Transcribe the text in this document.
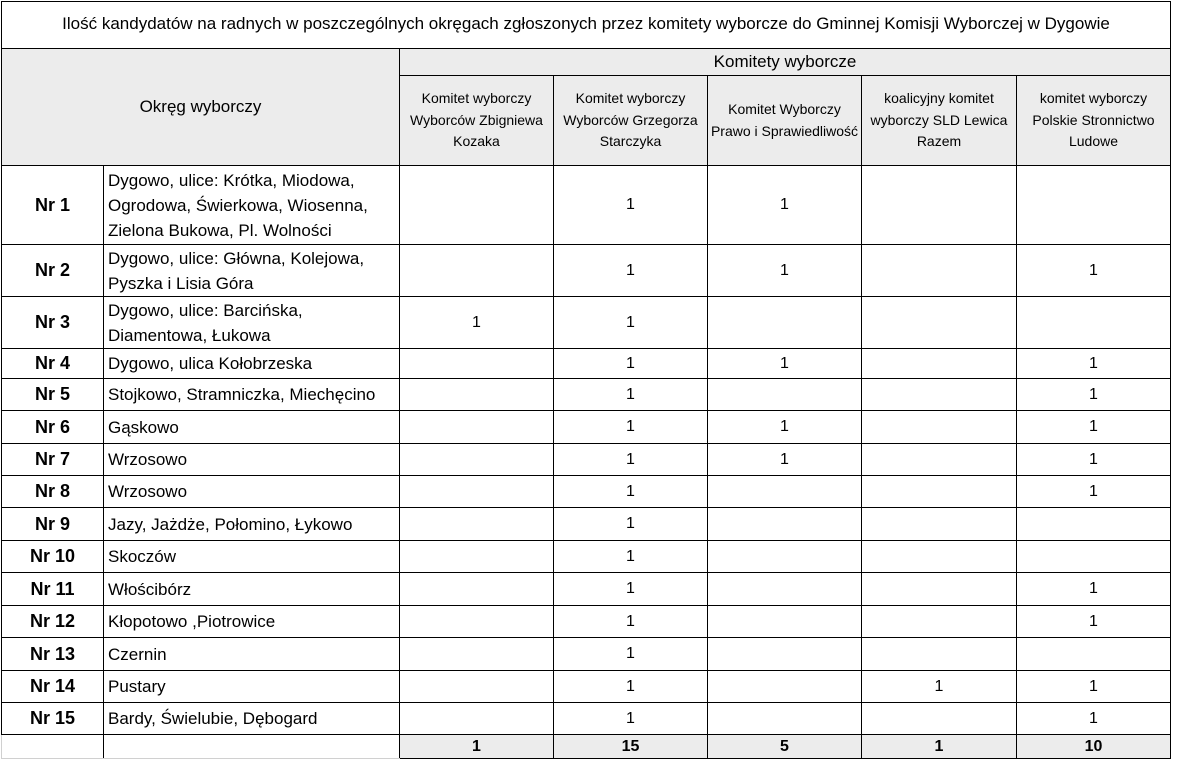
Ilość kandydatów na radnych w poszczególnych okręgach zgłoszonych przez komitety wyborcze do Gminnej Komisji Wyborczej w Dygowie						
Okręg wyborczy		Komitety wyborcze				
		Komitet wyborczy Wyborców Zbigniewa Kozaka	Komitet wyborczy Wyborców Grzegorza Starczyka	Komitet Wyborczy Prawo i Sprawiedliwość	koalicyjny komitet wyborczy SLD Lewica Razem	komitet wyborczy Polskie Stronnictwo Ludowe
Nr 1	Dygowo, ulice: Krótka, Miodowa, Ogrodowa, Świerkowa, Wiosenna, Zielona Bukowa, Pl. Wolności		1	1		
Nr 2	Dygowo, ulice: Główna, Kolejowa, Pyszka i Lisia Góra		1	1		1
Nr 3	Dygowo, ulice: Barcińska, Diamentowa, Łukowa	1	1			
Nr 4	Dygowo, ulica Kołobrzeska		1	1		1
Nr 5	Stojkowo, Stramniczka, Miechęcino		1			1
Nr 6	Gąskowo		1	1		1
Nr 7	Wrzosowo		1	1		1
Nr 8	Wrzosowo		1			1
Nr 9	Jazy, Jażdże, Połomino, Łykowo		1			
Nr 10	Skoczów		1			
Nr 11	Włościbórz		1			1
Nr 12	Kłopotowo ,Piotrowice		1			1
Nr 13	Czernin		1			
Nr 14	Pustary		1		1	1
Nr 15	Bardy, Świelubie, Dębogard		1			1
		1	15	5	1	10
